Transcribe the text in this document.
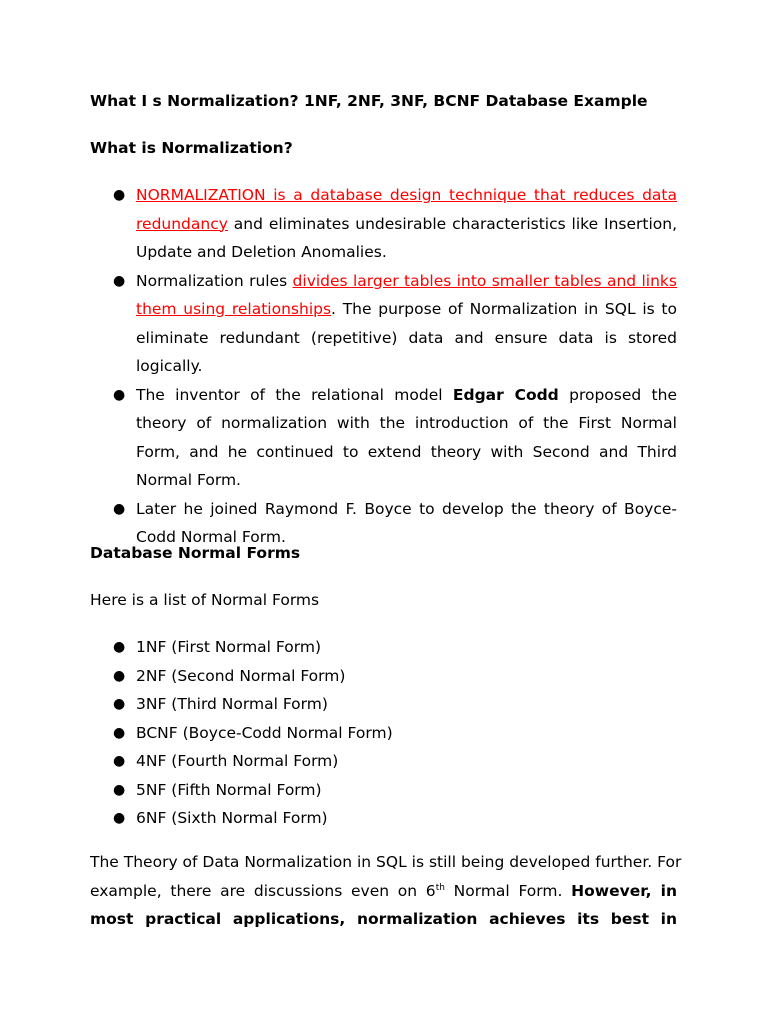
What I s Normalization? 1NF, 2NF, 3NF, BCNF Database Example
What is Normalization?
● NORMALIZATION is a database design technique that reduces data redundancy and eliminates undesirable characteristics like Insertion, Update and Deletion Anomalies.
● Normalization rules divides larger tables into smaller tables and links them using relationships. The purpose of Normalization in SQL is to eliminate redundant (repetitive) data and ensure data is stored logically.
● The inventor of the relational model Edgar Codd proposed the theory of normalization with the introduction of the First Normal Form, and he continued to extend theory with Second and Third Normal Form.
● Later he joined Raymond F. Boyce to develop the theory of Boyce-Codd Normal Form.
Database Normal Forms
Here is a list of Normal Forms
● 1NF (First Normal Form)
● 2NF (Second Normal Form)
● 3NF (Third Normal Form)
● BCNF (Boyce-Codd Normal Form)
● 4NF (Fourth Normal Form)
● 5NF (Fifth Normal Form)
● 6NF (Sixth Normal Form)
The Theory of Data Normalization in SQL is still being developed further. For
example, there are discussions even on 6th Normal Form. However, in
most practical applications, normalization achieves its best in
